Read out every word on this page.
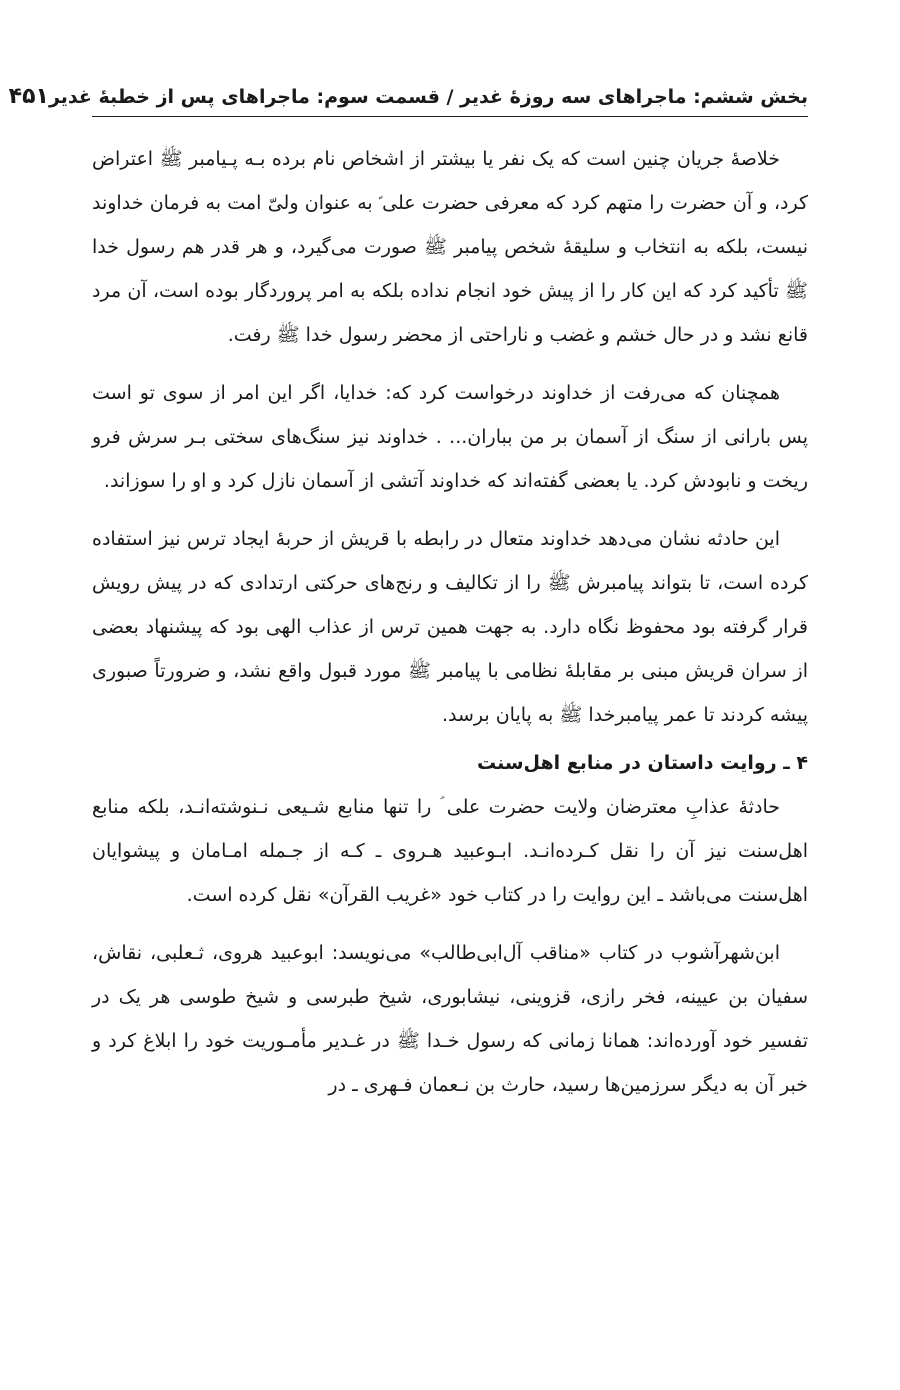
بخش ششم: ماجراهای سه روزهٔ غدیر / قسمت سوم: ماجراهای پس از خطبهٔ غدیر
۴۵۱

خلاصهٔ جریان چنین است که یک نفر یا بیشتر از اشخاص نام برده بـه پـیامبر ﷺ اعتراض کرد، و آن حضرت را متهم کرد که معرفی حضرت علی ؑ به عنوان ولیّ امت به فرمان خداوند نیست، بلکه به انتخاب و سلیقهٔ شخص پیامبر ﷺ صورت می‌گیرد، و هر قدر هم رسول خدا ﷺ تأکید کرد که این کار را از پیش خود انجام نداده بلکه به امر پروردگار بوده است، آن مرد قانع نشد و در حال خشم و غضب و ناراحتی از محضر رسول خدا ﷺ رفت.

همچنان که می‌رفت از خداوند درخواست کرد که: خدایا، اگر این امر از سوی تو است پس بارانی از سنگ از آسمان بر من بباران... . خداوند نیز سنگ‌های سختی بـر سرش فرو ریخت و نابودش کرد. یا بعضی گفته‌اند که خداوند آتشی از آسمان نازل کرد و او را سوزاند.

این حادثه نشان می‌دهد خداوند متعال در رابطه با قریش از حربهٔ ایجاد ترس نیز استفاده کرده است، تا بتواند پیامبرش ﷺ را از تکالیف و رنج‌های حرکتی ارتدادی که در پیش رویش قرار گرفته بود محفوظ نگاه دارد. به جهت همین ترس از عذاب الهی بود که پیشنهاد بعضی از سران قریش مبنی بر مقابلهٔ نظامی با پیامبر ﷺ مورد قبول واقع نشد، و ضرورتاً صبوری پیشه کردند تا عمر پیامبرخدا ﷺ به پایان برسد.

۴ ـ روایت داستان در منابع اهل‌سنت

حادثهٔ عذابِ معترضان ولایت حضرت علی ؑ را تنها منابع شـیعی نـنوشته‌انـد، بلکه منابع اهل‌سنت نیز آن را نقل کـرده‌انـد. ابـوعبید هـروی ـ کـه از جـمله امـامان و پیشوایان اهل‌سنت می‌باشد ـ این روایت را در کتاب خود «غریب القرآن» نقل کرده است.

ابن‌شهرآشوب در کتاب «مناقب آل‌ابی‌طالب» می‌نویسد: ابوعبید هروی، ثـعلبی، نقاش، سفیان بن عیینه، فخر رازی، قزوینی، نیشابوری، شیخ طبرسی و شیخ طوسی هر یک در تفسیر خود آورده‌اند: همانا زمانی که رسول خـدا ﷺ در غـدیر مأمـوریت خود را ابلاغ کرد و خبر آن به دیگر سرزمین‌ها رسید، حارث بن نـعمان فـهری ـ در
